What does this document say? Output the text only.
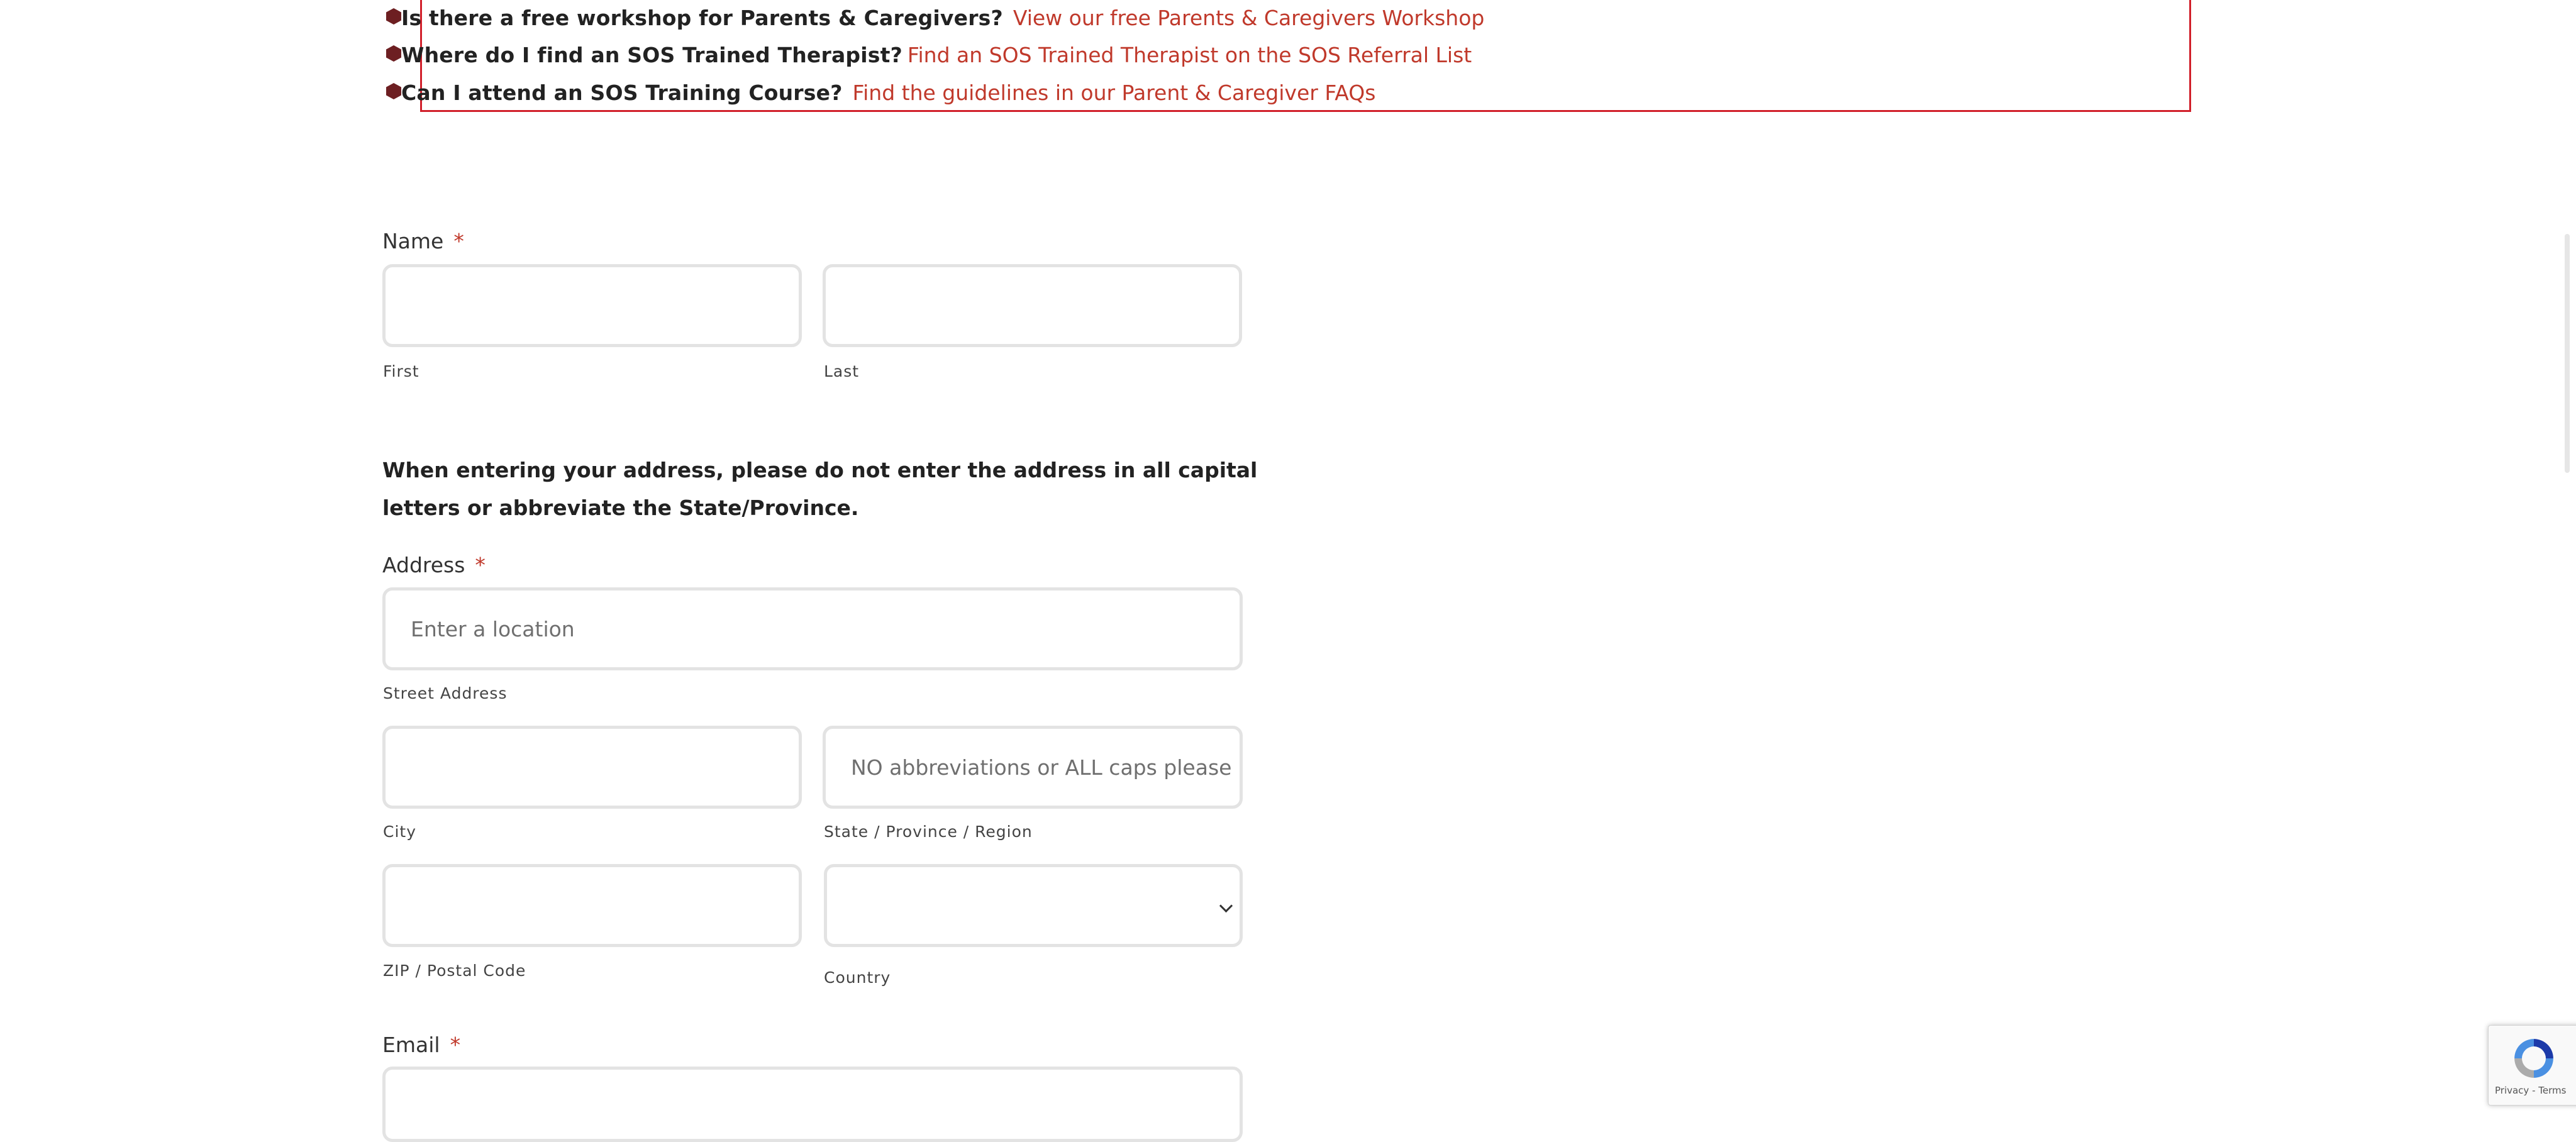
Is there a free workshop for Parents & Caregivers? View our free Parents & Caregivers Workshop
Where do I find an SOS Trained Therapist? Find an SOS Trained Therapist on the SOS Referral List
Can I attend an SOS Training Course? Find the guidelines in our Parent & Caregiver FAQs
Name *
First	Last
When entering your address, please do not enter the address in all capital letters or abbreviate the State/Province.
Address *
Enter a location
Street Address
NO abbreviations or ALL caps please
City	State / Province / Region
ZIP / Postal Code	Country
Email *
Privacy - Terms
